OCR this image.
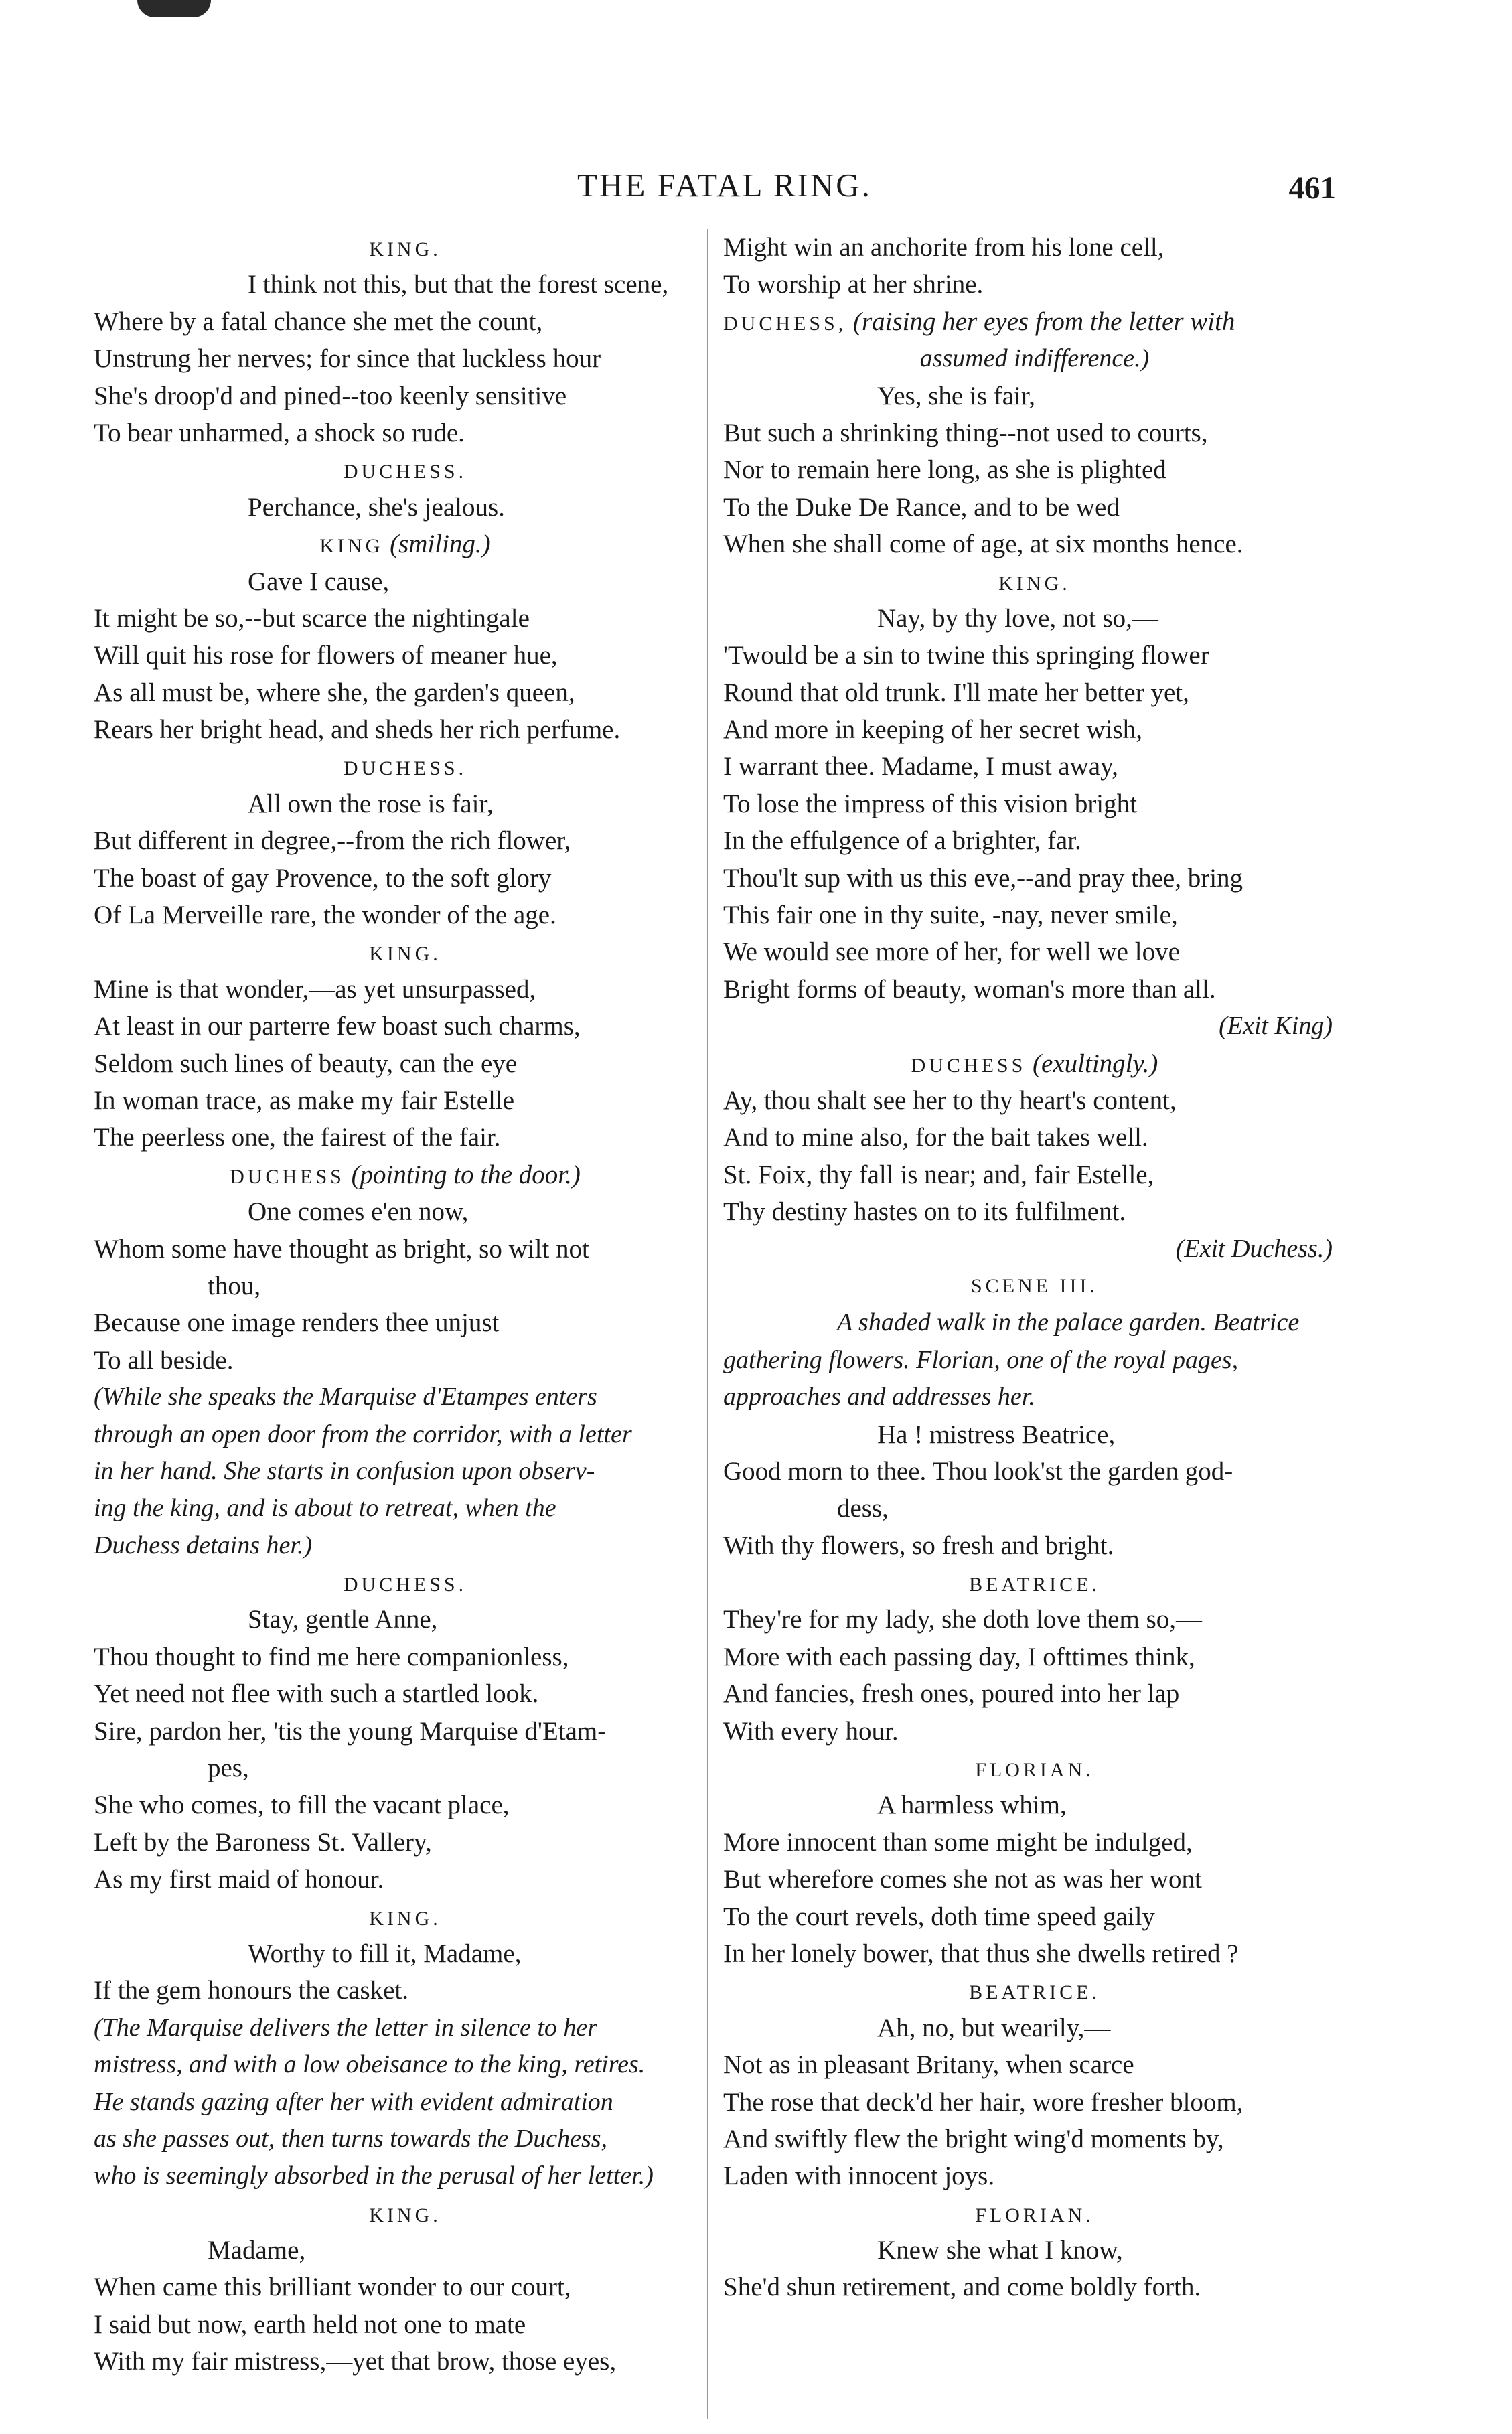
THE FATAL RING.	461
KING.
I think not this, but that the forest scene,
Where by a fatal chance she met the count,
Unstrung her nerves; for since that luckless hour
She's droop'd and pined--too keenly sensitive
To bear unharmed, a shock so rude.
DUCHESS.
Perchance, she's jealous.
KING (smiling.)
Gave I cause,
It might be so,--but scarce the nightingale
Will quit his rose for flowers of meaner hue,
As all must be, where she, the garden's queen,
Rears her bright head, and sheds her rich perfume.
DUCHESS.
All own the rose is fair,
But different in degree,--from the rich flower,
The boast of gay Provence, to the soft glory
Of La Merveille rare, the wonder of the age.
KING.
Mine is that wonder,—as yet unsurpassed,
At least in our parterre few boast such charms,
Seldom such lines of beauty, can the eye
In woman trace, as make my fair Estelle
The peerless one, the fairest of the fair.
DUCHESS (pointing to the door.)
One comes e'en now,
Whom some have thought as bright, so wilt not
thou,
Because one image renders thee unjust
To all beside.
(While she speaks the Marquise d'Etampes enters
through an open door from the corridor, with a letter
in her hand. She starts in confusion upon observ-
ing the king, and is about to retreat, when the
Duchess detains her.)
DUCHESS.
Stay, gentle Anne,
Thou thought to find me here companionless,
Yet need not flee with such a startled look.
Sire, pardon her, 'tis the young Marquise d'Etam-
pes,
She who comes, to fill the vacant place,
Left by the Baroness St. Vallery,
As my first maid of honour.
KING.
Worthy to fill it, Madame,
If the gem honours the casket.
(The Marquise delivers the letter in silence to her
mistress, and with a low obeisance to the king, retires.
He stands gazing after her with evident admiration
as she passes out, then turns towards the Duchess,
who is seemingly absorbed in the perusal of her letter.)
KING.
Madame,
When came this brilliant wonder to our court,
I said but now, earth held not one to mate
With my fair mistress,—yet that brow, those eyes,
Might win an anchorite from his lone cell,
To worship at her shrine.
DUCHESS, (raising her eyes from the letter with
assumed indifference.)
Yes, she is fair,
But such a shrinking thing--not used to courts,
Nor to remain here long, as she is plighted
To the Duke De Rance, and to be wed
When she shall come of age, at six months hence.
KING.
Nay, by thy love, not so,—
'Twould be a sin to twine this springing flower
Round that old trunk. I'll mate her better yet,
And more in keeping of her secret wish,
I warrant thee. Madame, I must away,
To lose the impress of this vision bright
In the effulgence of a brighter, far.
Thou'lt sup with us this eve,--and pray thee, bring
This fair one in thy suite, -nay, never smile,
We would see more of her, for well we love
Bright forms of beauty, woman's more than all.
(Exit King)
DUCHESS (exultingly.)
Ay, thou shalt see her to thy heart's content,
And to mine also, for the bait takes well.
St. Foix, thy fall is near; and, fair Estelle,
Thy destiny hastes on to its fulfilment.
(Exit Duchess.)
SCENE III.
A shaded walk in the palace garden. Beatrice
gathering flowers. Florian, one of the royal pages,
approaches and addresses her.
Ha ! mistress Beatrice,
Good morn to thee. Thou look'st the garden god-
dess,
With thy flowers, so fresh and bright.
BEATRICE.
They're for my lady, she doth love them so,—
More with each passing day, I ofttimes think,
And fancies, fresh ones, poured into her lap
With every hour.
FLORIAN.
A harmless whim,
More innocent than some might be indulged,
But wherefore comes she not as was her wont
To the court revels, doth time speed gaily
In her lonely bower, that thus she dwells retired ?
BEATRICE.
Ah, no, but wearily,—
Not as in pleasant Britany, when scarce
The rose that deck'd her hair, wore fresher bloom,
And swiftly flew the bright wing'd moments by,
Laden with innocent joys.
FLORIAN.
Knew she what I know,
She'd shun retirement, and come boldly forth.
